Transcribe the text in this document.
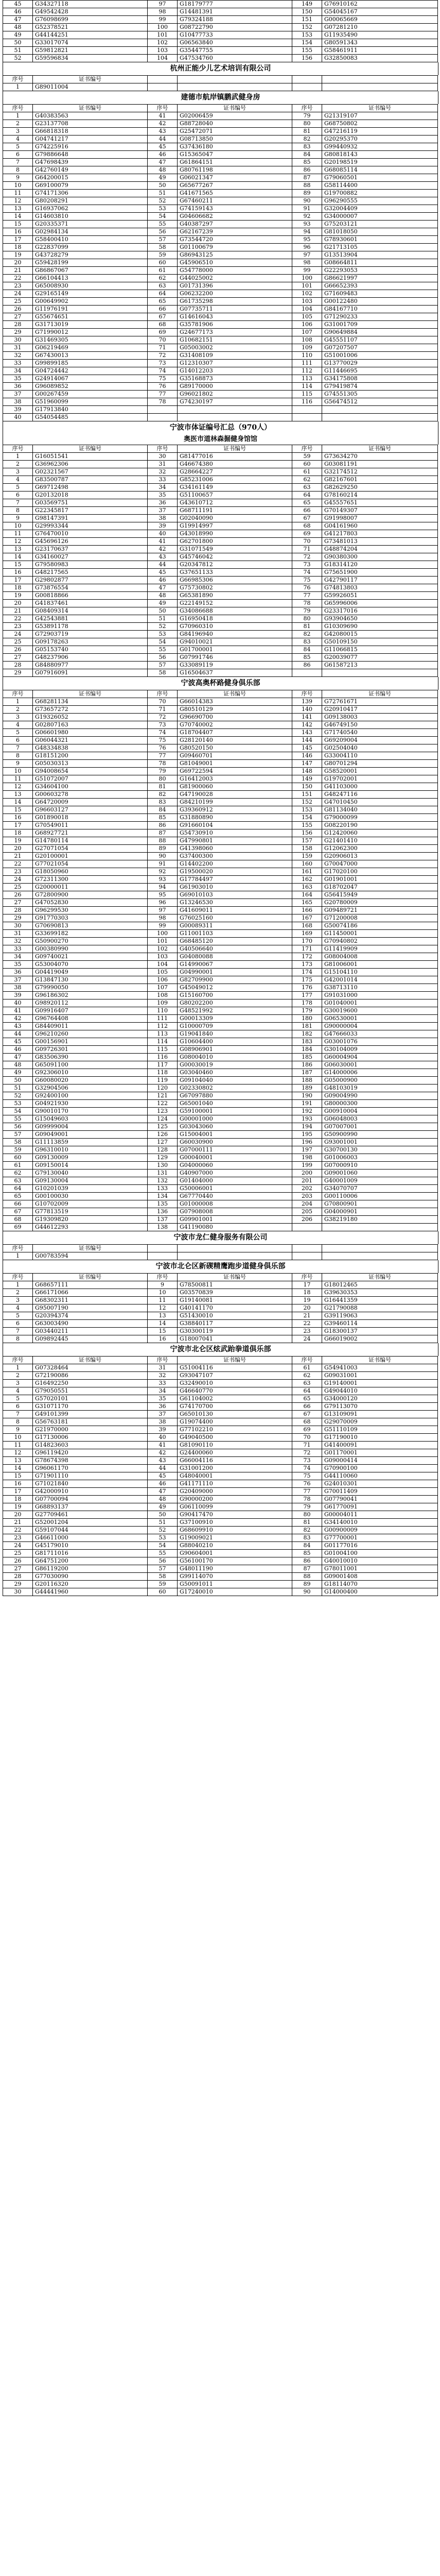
45	G34327118	97	G18179777	149	G76910162
46	G49542428	98	G14481391	150	G54045167
47	G76098699	99	G79324188	151	G00065669
48	G52378521	100	G08722790	152	G07281210
49	G44144251	101	G10477733	153	G11935490
50	G33017074	102	G06563840	154	G80591343
51	G59812821	103	G35447755	155	G58461911
52	G59596834	104	G47534760	156	G32850083
杭州正能少儿艺术培训有限公司
序号	证书编号				
1	G89011004				
建德市航岸镇鹏武健身房
序号	证书编号	序号	证书编号	序号	证书编号
1	G40383563	41	G02006459	79	G21319107
2	G23137708	42	G88728040	80	G68750802
3	G66818318	43	G25472071	81	G47216119
4	G04741217	44	G08713850	82	G20295370
5	G74225916	45	G37436180	83	G99440932
6	G79886648	46	G15365047	84	G80818143
7	G47698439	47	G61864151	85	G20198519
8	G42760149	48	G80761198	86	G68085114
9	G64200015	49	G06021347	87	G79060501
10	G69100079	50	G65677267	88	G58114400
11	G74171306	51	G41671565	89	G19700882
12	G80208291	52	G67460211	90	G96290555
13	G16937062	53	G74159143	91	G32004409
14	G14603810	54	G04606682	92	G34000007
15	G20335371	55	G40387297	93	G75203121
16	G02984134	56	G62167239	94	G81018050
17	G58400410	57	G73544720	95	G78930601
18	G22837099	58	G01100679	96	G21713105
19	G43728279	59	G86943125	97	G13513904
20	G59428199	60	G45906510	98	G08664811
21	G86867067	61	G54778000	99	G22293053
22	G66104413	62	G44025002	100	G86621997
23	G65008930	63	G01731396	101	G66652393
24	G29165149	64	G06232200	102	G71609483
25	G00649902	65	G61735298	103	G00122480
26	G11976191	66	G07735711	104	G84167710
27	G55674651	67	G14616043	105	G71290233
28	G31713019	68	G35781906	106	G31001709
29	G71990012	69	G24677173	107	G90649884
30	G31469305	70	G10682151	108	G45551107
31	G06219469	71	G05003002	109	G07207507
32	G67430013	72	G31408109	110	G51001006
33	G99899185	73	G12310307	111	G13770029
34	G04724442	74	G14012203	112	G11446695
35	G24914067	75	G35168873	113	G34175808
36	G96089852	76	G89170000	114	G79419874
37	G00267459	77	G96021802	115	G74551305
38	G51960099	78	G74230197	116	G56474512
39	G17913840				
40	G54054485				
宁波市体证编号汇总（970人）
奥医市道林森掘健身馆馆
序号	证书编号	序号	证书编号	序号	证书编号
1	G16051541	30	G81477016	59	G73634270
2	G36962306	31	G46674380	60	G03081191
3	G02321567	32	G28664227	61	G32174512
4	G83500787	33	G85231006	62	G82167601
5	G69712498	34	G34161149	63	G82629250
6	G20132018	35	G51100657	64	G78160214
7	G03569751	36	G43610712	65	G45557651
8	G22345817	37	G68711191	66	G70149307
9	G98147391	38	G02040090	67	G91998007
10	G29993344	39	G19914997	68	G04161960
11	G76470010	40	G43018990	69	G41217803
12	G45696126	41	G62701800	70	G73481013
13	G23170637	42	G31071549	71	G48874204
14	G34160027	43	G45746042	72	G90380300
15	G79580983	44	G20347812	73	G18314120
16	G48217565	45	G37651133	74	G75651900
17	G29802877	46	G66985306	75	G42790117
18	G73876554	47	G75730802	76	G74813803
19	G00818866	48	G65381890	77	G59926051
20	G41837461	49	G22149152	78	G65996006
21	G08409314	50	G34086688	79	G23317016
22	G42543881	51	G16950418	80	G93904650
23	G53891178	52	G70960310	81	G10309690
24	G72903719	53	G84196940	82	G42080015
25	G09178263	54	G94010021	83	G50109150
26	G05153740	55	G01700001	84	G11066815
27	G48237906	56	G07991746	85	G20039077
28	G84880977	57	G33089119	86	G61587213
29	G07916091	58	G16504637		
宁波高奥杯路健身俱乐部
序号	证书编号	序号	证书编号	序号	证书编号
1	G68281134	70	G66014383	139	G72761671
2	G73657272	71	G80510129	140	G20910417
3	G19326052	72	G96690700	141	G09138003
4	G02807163	73	G70740002	142	G46749150
5	G06601980	74	G18704407	143	G71740540
6	G06044321	75	G28120140	144	G69209004
7	G48334838	76	G80520150	145	G02504040
8	G18151200	77	G09460701	146	G33004110
9	G05030313	78	G81049001	147	G80701294
10	G94008654	79	G69722594	148	G58520001
11	G51072007	80	G16412003	149	G19702001
12	G34604100	81	G81900060	150	G41103000
13	G00603278	82	G47190028	151	G48247116
14	G64720009	83	G84210199	152	G47010450
15	G96603127	84	G39360912	153	G81134040
16	G01890018	85	G31880890	154	G79000099
17	G70549011	86	G91660104	155	G08220190
18	G68927721	87	G54730910	156	G12420060
19	G14780114	88	G47990801	157	G21401410
20	G27071054	89	G41398060	158	G12062300
21	G20100001	90	G37400300	159	G20906013
22	G77021054	91	G14402200	160	G70047000
23	G18050960	92	G19500020	161	G17020100
24	G72311300	93	G17784497	162	G01901001
25	G20000011	94	G61903010	163	G18702047
26	G72800900	95	G69010103	164	G56415949
27	G47052830	96	G13246530	165	G20780009
28	G96299530	97	G41609011	166	G09489721
29	G91770303	98	G76025160	167	G71200008
30	G70690813	99	G00089311	168	G50074186
31	G33699182	100	G11001103	169	G11450001
32	G50900270	101	G68485120	170	G70940802
33	G00380990	102	G40506640	171	G11419909
34	G09740021	103	G04080088	172	G08004008
35	G53004070	104	G14990067	173	G81006001
36	G04419049	105	G04990001	174	G15104110
37	G13847130	106	G82709900	175	G42001014
38	G79990050	107	G45049012	176	G38713110
39	G96186302	108	G15160700	177	G91031000
40	G98920112	109	G80202200	178	G01040001
41	G09916407	110	G48521992	179	G30019600
42	G96764408	111	G00013309	180	G06530001
43	G84409011	112	G10000709	181	G90000004
44	G96210260	113	G19041840	182	G47666033
45	G00156901	114	G10604400	183	G03001076
46	G09726301	115	G08906901	184	G30104009
47	G83506390	116	G08004010	185	G60004904
48	G65091100	117	G00030019	186	G06030001
49	G92306010	118	G03040460	187	G14000006
50	G60080020	119	G09104040	188	G05000900
51	G32904506	120	G02330802	189	G48103019
52	G92400100	121	G67097880	190	G09004990
53	G04921930	122	G65001040	191	G80000300
54	G90010170	123	G59100001	192	G00910004
55	G15049603	124	G00001000	193	G06048003
56	G09999004	125	G03043060	194	G07007001
57	G09049001	126	G15004001	195	G50900990
58	G11113859	127	G60030900	196	G93001001
59	G96310010	128	G07000111	197	G30700130
60	G09130009	129	G00040001	198	G01006003
61	G09150014	130	G04000060	199	G07000910
62	G79130040	131	G40907000	200	G09001060
63	G09130004	132	G01404000	201	G40001009
64	G10201039	133	G50006001	202	G34070707
65	G00100030	134	G67770440	203	G00110006
66	G10702009	135	G01000008	204	G70800901
67	G77813519	136	G07908008	205	G04000901
68	G19309820	137	G09901001	206	G38219180
69	G44612293	138	G41190080		
宁波市龙仁健身服务有限公司
序号	证书编号				
1	G00783594				
宁波市北仑区新碶精鹰跑步道健身俱乐部
序号	证书编号	序号	证书编号	序号	证书编号
1	G68657111	9	G78500811	17	G18012465
2	G66171066	10	G03570839	18	G39630353
3	G68302311	11	G19140081	19	G16441359
4	G95007190	12	G40141170	20	G21790088
5	G20394374	13	G51430010	21	G39119063
6	G63003490	14	G38840117	22	G39460114
7	G03440211	15	G30300119	23	G18300137
8	G09892445	16	G18007041	24	G66019002
宁波市北仑区炫武跆拳道俱乐部
序号	证书编号	序号	证书编号	序号	证书编号
1	G07328464	31	G51004116	61	G54941003
2	G72190086	32	G93047107	62	G09031001
3	G16492250	33	G32490010	63	G19140001
4	G79050551	34	G46640770	64	G49044010
5	G57020101	35	G61104002	65	G34000120
6	G31071170	36	G74170700	66	G79113070
7	G49101399	37	G65010130	67	G13109091
8	G56763181	38	G19074400	68	G29070009
9	G21970000	39	G77102210	69	G51110109
10	G17130006	40	G49040500	70	G17190010
11	G14823603	41	G81090110	71	G41400091
12	G96119420	42	G24400060	72	G01170001
13	G78674398	43	G66004116	73	G09000414
14	G96061170	44	G31001200	74	G70900100
15	G71901110	45	G48040001	75	G44110060
16	G71021840	46	G41171110	76	G24010301
17	G42000910	47	G20409000	77	G70011409
18	G07700094	48	G90000200	78	G07790041
19	G68893137	49	G06110099	79	G61770091
20	G27709461	50	G90417470	80	G00004011
21	G52001204	51	G37100910	81	G34140010
22	G59107044	52	G68609910	82	G00900009
23	G46611000	53	G19009021	83	G77700001
24	G45179010	54	G88040210	84	G01177016
25	G81711016	55	G90604001	85	G01004100
26	G64751200	56	G56100170	86	G40010010
27	G86119200	57	G48011190	87	G78011001
28	G77030090	58	G99114070	88	G09001408
29	G20116320	59	G50091011	89	G18114070
30	G44441960	60	G17240010	90	G14000400
